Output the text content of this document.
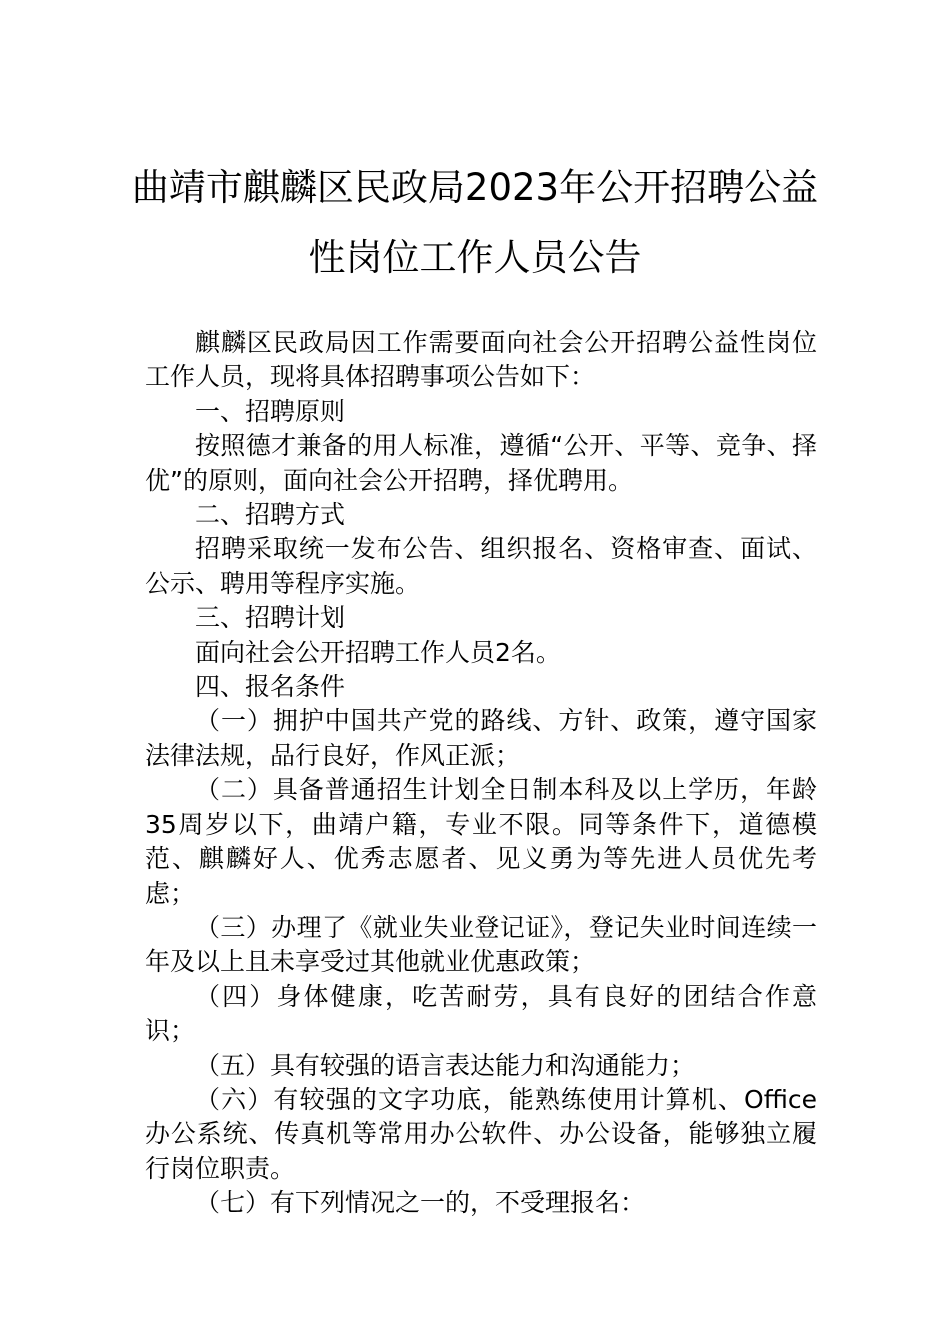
曲靖市麒麟区民政局2023年公开招聘公益
性岗位工作人员公告

麒麟区民政局因工作需要面向社会公开招聘公益性岗位工作人员，现将具体招聘事项公告如下：

一、招聘原则

按照德才兼备的用人标准，遵循“公开、平等、竞争、择优”的原则，面向社会公开招聘，择优聘用。

二、招聘方式

招聘采取统一发布公告、组织报名、资格审查、面试、公示、聘用等程序实施。

三、招聘计划

面向社会公开招聘工作人员2名。

四、报名条件

（一）拥护中国共产党的路线、方针、政策，遵守国家法律法规，品行良好，作风正派；

（二）具备普通招生计划全日制本科及以上学历，年龄35周岁以下，曲靖户籍，专业不限。同等条件下，道德模范、麒麟好人、优秀志愿者、见义勇为等先进人员优先考虑；

（三）办理了《就业失业登记证》，登记失业时间连续一年及以上且未享受过其他就业优惠政策；

（四）身体健康，吃苦耐劳，具有良好的团结合作意识；

（五）具有较强的语言表达能力和沟通能力；

（六）有较强的文字功底，能熟练使用计算机、Office办公系统、传真机等常用办公软件、办公设备，能够独立履行岗位职责。

（七）有下列情况之一的，不受理报名：
